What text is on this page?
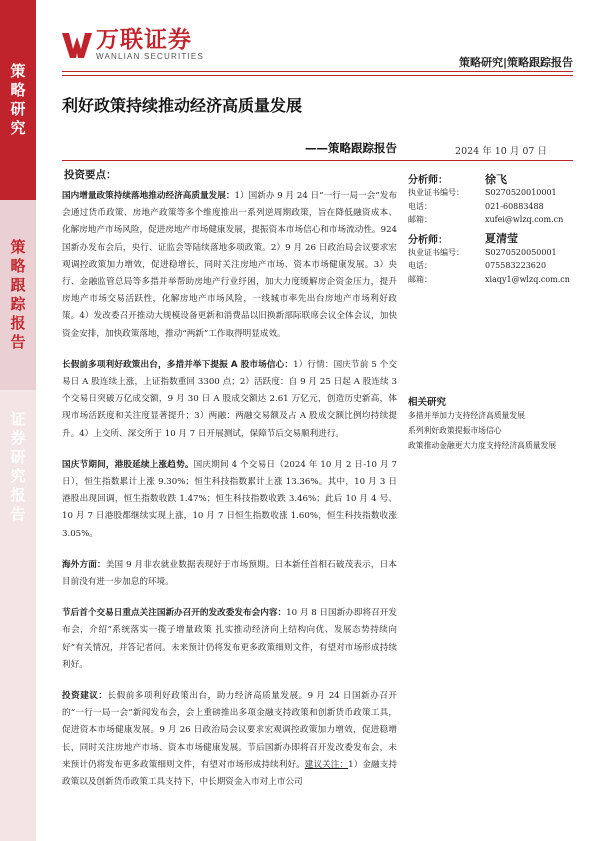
策
略
研
究
策
略
跟
踪
报
告
证
券
研
究
报
告
万联证券
WANLIAN SECURITIES	策略研究|策略跟踪报告
利好政策持续推动经济高质量发展
——策略跟踪报告	2024 年 10 月 07 日
投资要点：

国内增量政策持续落地推动经济高质量发展：1）国新办 9 月 24 日“一行一局一会”发布会通过货币政策、房地产政策等多个维度推出一系列逆周期政策，旨在降低融资成本、化解房地产市场风险，促进房地产市场健康发展，提振资本市场信心和市场流动性。924 国新办发布会后，央行、证监会等陆续落地多项政策。2）9 月 26 日政治局会议要求宏观调控政策加力增效，促进稳增长，同时关注房地产市场、资本市场健康发展。3）央行、金融监管总局等多措并举帮助房地产行业纾困，加大力度缓解房企资金压力，提升房地产市场交易活跃性，化解房地产市场风险，一线城市率先出台房地产市场利好政策。4）发改委召开推动大规模设备更新和消费品以旧换新部际联席会议全体会议，加快资金安排，加快政策落地，推动“两新”工作取得明显成效。

长假前多项利好政策出台，多措并举下提振 A 股市场信心：1）行情：国庆节前 5 个交易日 A 股连续上涨，上证指数重回 3300 点；2）活跃度：自 9 月 25 日起 A 股连续 3 个交易日突破万亿成交额，9 月 30 日 A 股成交额达 2.61 万亿元，创造历史新高，体现市场活跃度和关注度显著提升；3）两融：两融交易额及占 A 股成交额比例均持续提升。4）上交所、深交所于 10 月 7 日开展测试，保障节后交易顺利进行。

国庆节期间，港股延续上涨趋势。国庆期间 4 个交易日（2024 年 10 月 2 日-10 月 7 日），恒生指数累计上涨 9.30%；恒生科技指数累计上涨 13.36%。其中，10 月 3 日港股出现回调，恒生指数收跌 1.47%；恒生科技指数收跌 3.46%；此后 10 月 4 号、10 月 7 日港股都继续实现上涨，10 月 7 日恒生指数收涨 1.60%，恒生科技指数收涨 3.05%。

海外方面：美国 9 月非农就业数据表现好于市场预期。日本新任首相石破茂表示，日本目前没有进一步加息的环境。

节后首个交易日重点关注国新办召开的发改委发布会内容：10 月 8 日国新办即将召开发布会，介绍“系统落实一揽子增量政策 扎实推动经济向上结构向优、发展态势持续向好”有关情况，并答记者问。未来预计仍将发布更多政策细则文件，有望对市场形成持续利好。

投资建议：长假前多项利好政策出台，助力经济高质量发展。9 月 24 日国新办召开的“一行一局一会”新闻发布会，会上重磅推出多项金融支持政策和创新货币政策工具，促进资本市场健康发展。9 月 26 日政治局会议要求宏观调控政策加力增效，促进稳增长，同时关注房地产市场、资本市场健康发展。节后国新办即将召开发改委发布会，未来预计仍将发布更多政策细则文件，有望对市场形成持续利好。建议关注：1）金融支持政策以及创新货币政策工具支持下，中长期资金入市对上市公司

分析师：	徐飞
执业证书编号：	S0270520010001
电话：	021-60883488
邮箱：	xufei@wlzq.com.cn
分析师：	夏清莹
执业证书编号：	S0270520050001
电话：	075583223620
邮箱：	xiaqy1@wlzq.com.cn
相关研究
多措并举加力支持经济高质量发展
系列利好政策提振市场信心
政策推动金融更大力度支持经济高质量发展
